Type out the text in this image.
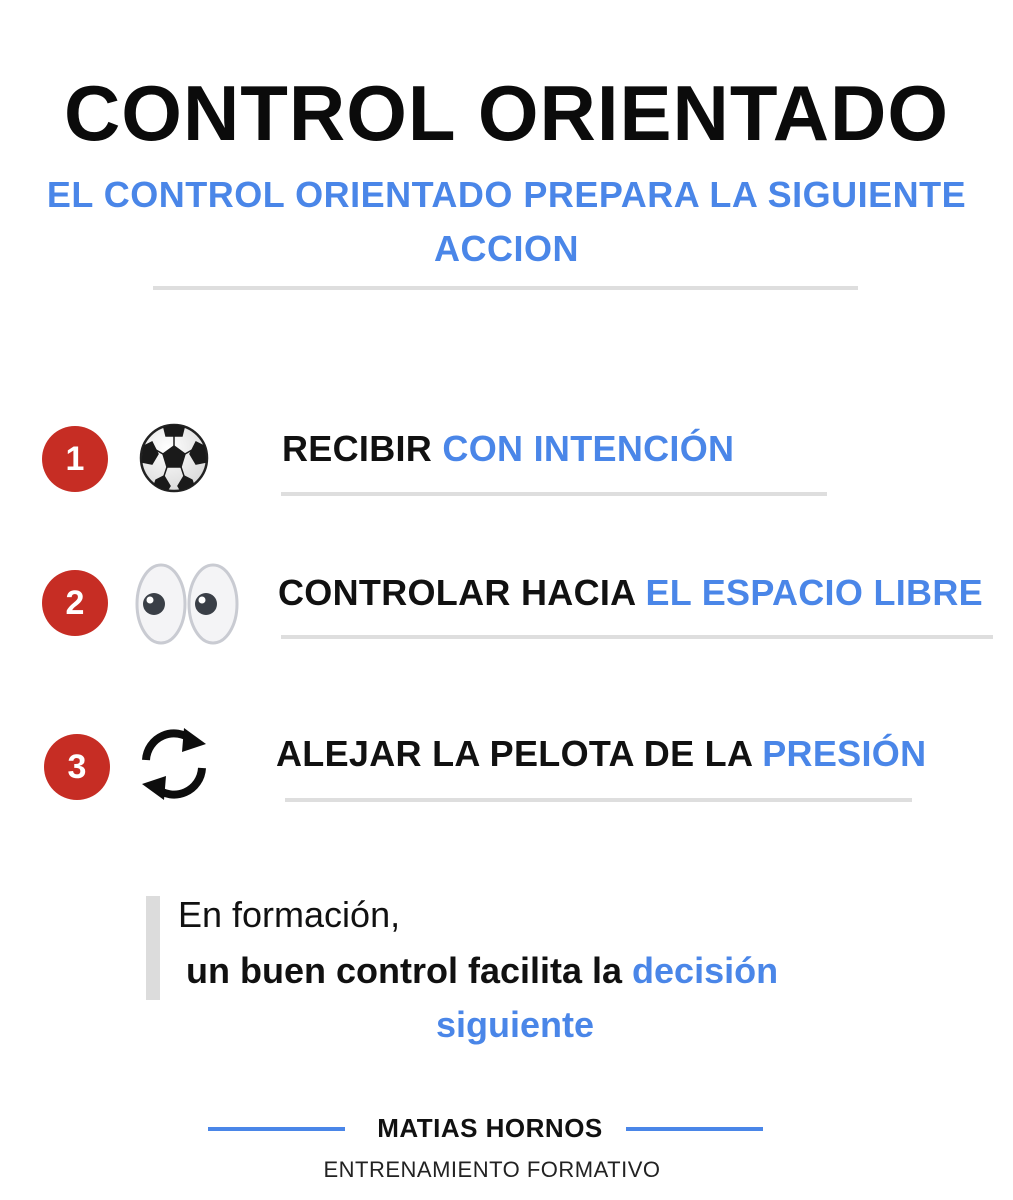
CONTROL ORIENTADO
EL CONTROL ORIENTADO PREPARA LA SIGUIENTE
ACCION
1	RECIBIR CON INTENCIÓN
2	CONTROLAR HACIA EL ESPACIO LIBRE
3	ALEJAR LA PELOTA DE LA PRESIÓN
En formación,
un buen control facilita la decisión
siguiente
MATIAS HORNOS
ENTRENAMIENTO FORMATIVO
